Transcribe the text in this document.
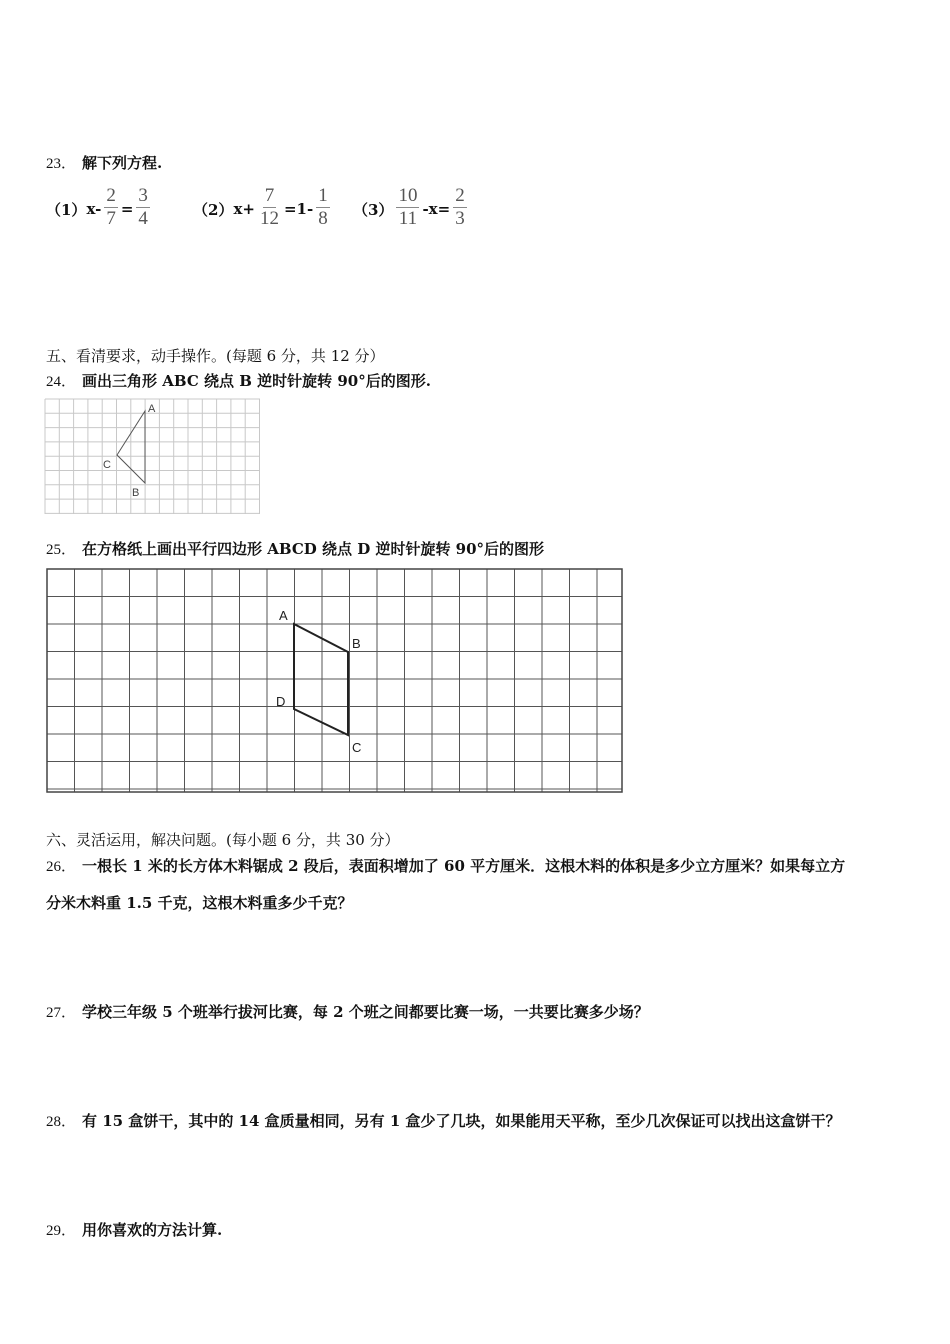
23． 解下列方程.
（1） $x- \frac{2}{7} = \frac{3}{4}$	（2） $x+ \frac{7}{12} =1- \frac{1}{8} (3) \frac{10}{11} -x= \frac{2}{3}$
五、看清要求，动手操作。(每题 6 分，共 12 分）
24． 画出三角形 ABC 绕点 B 逆时针旋转 90°后的图形.
A
C
B
25． 在方格纸上画出平行四边形 ABCD 绕点 D 逆时针旋转 90°后的图形
A
B
D
C
六、灵活运用，解决问题。(每小题 6 分，共 30 分）
26． 一根长 1 米的长方体木料锯成 2 段后，表面积增加了 60 平方厘米．这根木料的体积是多少立方厘米？如果每立方
分米木料重 1.5 千克，这根木料重多少千克？
27． 学校三年级 5 个班举行拔河比赛，每 2 个班之间都要比赛一场，一共要比赛多少场？
28． 有 15 盒饼干，其中的 14 盒质量相同，另有 1 盒少了几块，如果能用天平称，至少几次保证可以找出这盒饼干？
29． 用你喜欢的方法计算.
